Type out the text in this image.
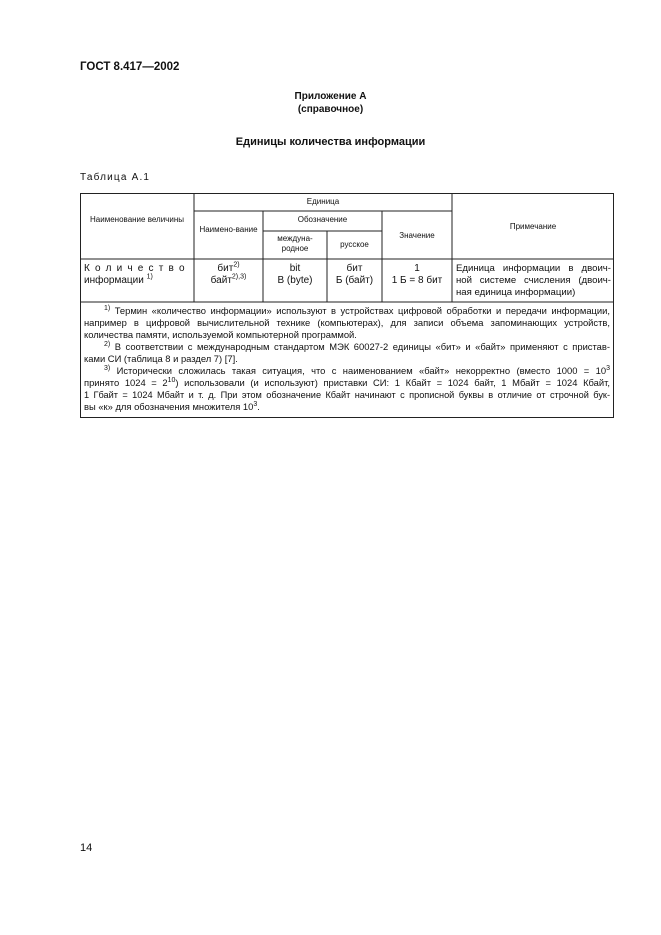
ГОСТ 8.417—2002
Приложение А
(справочное)
Единицы количества информации
Таблица А.1
Наименование величины
Единица
Наимено-вание
Обозначение
междуна-родное	русское
Значение
Примечание
Количество
информации $^{1)}$
бит$^{2)}$
байт$^{2),3)}$
bit
B (byte)
бит
Б (байт)
1
1 Б = 8 бит
Единица информации в двоич-
ной системе счисления (двоич-
ная единица информации)
$^{1)}$ Термин «количество информации» используют в устройствах цифровой обработки и передачи информации,
например в цифровой вычислительной технике (компьютерах), для записи объема запоминающих устройств,
количества памяти, используемой компьютерной программой.
$^{2)}$ В соответствии с международным стандартом МЭК 60027-2 единицы «бит» и «байт» применяют с пристав-
ками СИ (таблица 8 и раздел 7) [7].
$^{3)}$ Исторически сложилась такая ситуация, что с наименованием «байт» некорректно (вместо $1000 = 10^3$
принято $1024 = 2^{10}$) использовали (и используют) приставки СИ: 1 Кбайт = 1024 байт, 1 Мбайт = 1024 Кбайт,
1 Гбайт = 1024 Мбайт и т. д. При этом обозначение Кбайт начинают с прописной буквы в отличие от строчной бук-
вы «к» для обозначения множителя $10^3$.
14
